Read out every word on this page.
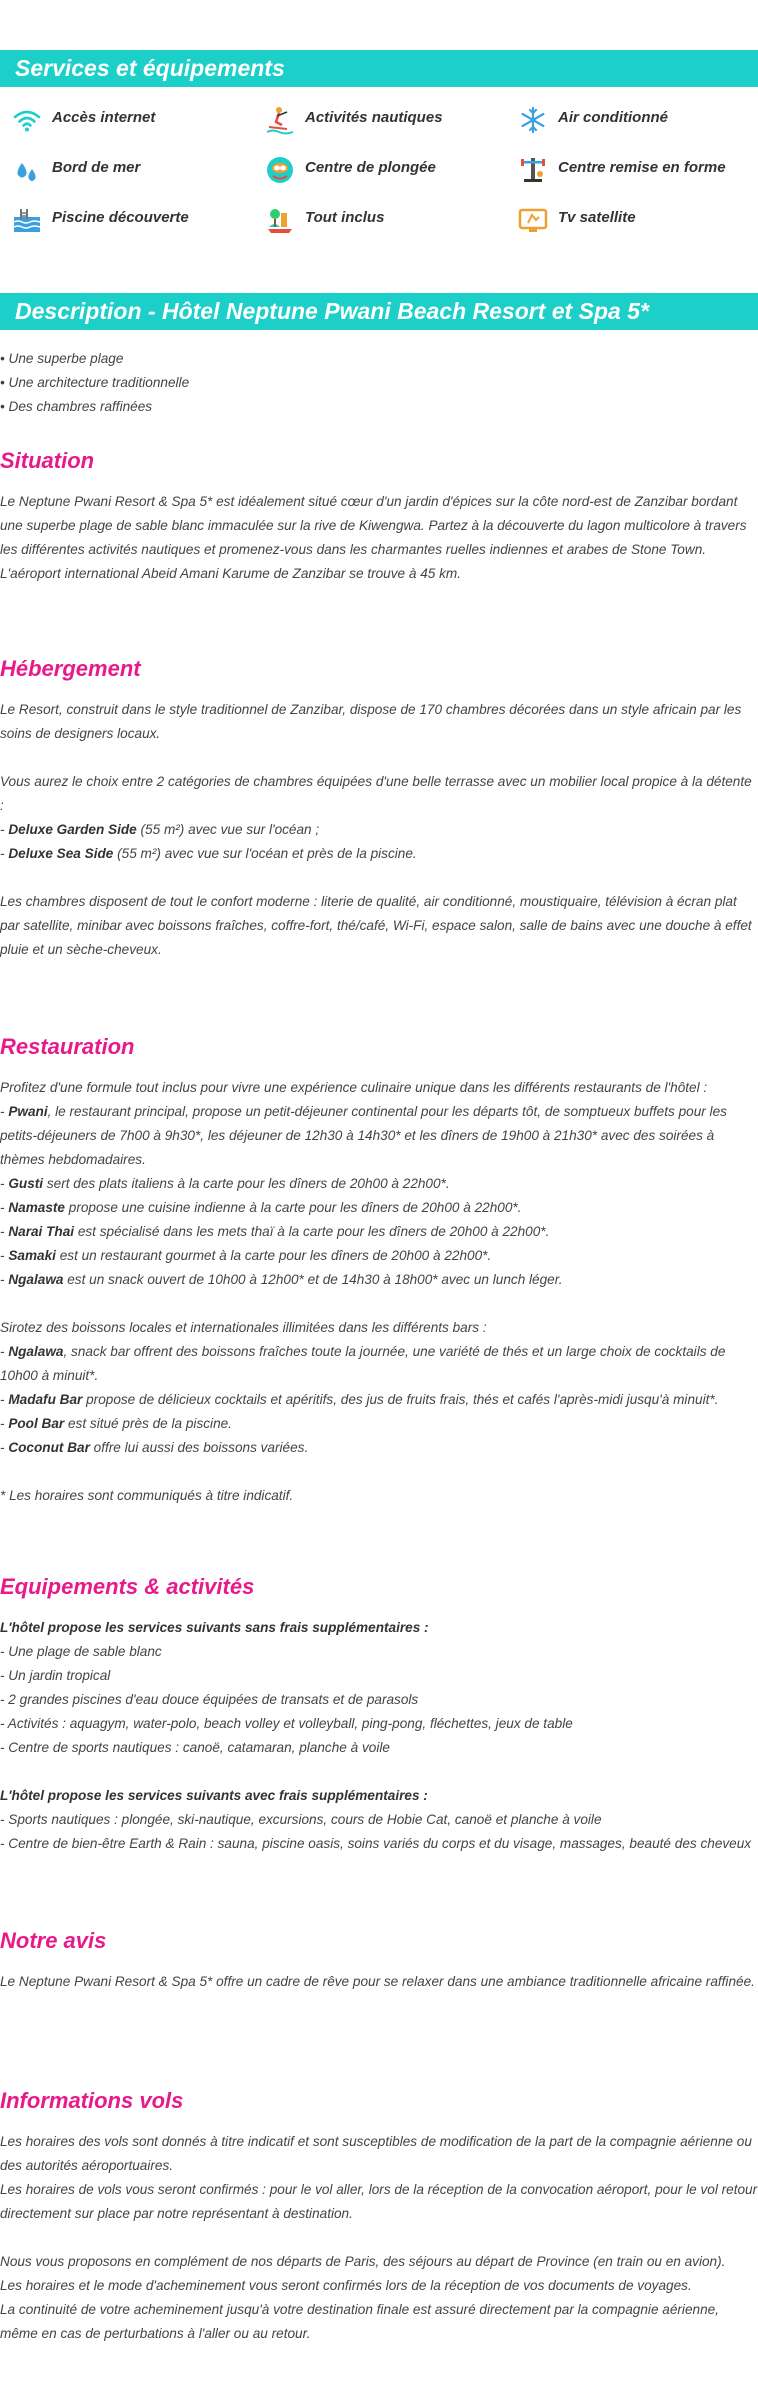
Services et équipements
Accès internet	Activités nautiques	Air conditionné
Bord de mer	Centre de plongée	Centre remise en forme
Piscine découverte	Tout inclus	Tv satellite
Description - Hôtel Neptune Pwani Beach Resort et Spa 5*

• Une superbe plage

• Une architecture traditionnelle

• Des chambres raffinées

Situation

Le Neptune Pwani Resort & Spa 5* est idéalement situé cœur d'un jardin d'épices sur la côte nord-est de Zanzibar bordant une superbe plage de sable blanc immaculée sur la rive de Kiwengwa. Partez à la découverte du lagon multicolore à travers les différentes activités nautiques et promenez-vous dans les charmantes ruelles indiennes et arabes de Stone Town. L'aéroport international Abeid Amani Karume de Zanzibar se trouve à 45 km.

Hébergement

Le Resort, construit dans le style traditionnel de Zanzibar, dispose de 170 chambres décorées dans un style africain par les soins de designers locaux.

Vous aurez le choix entre 2 catégories de chambres équipées d'une belle terrasse avec un mobilier local propice à la détente :

- Deluxe Garden Side (55 m²) avec vue sur l'océan ;

- Deluxe Sea Side (55 m²) avec vue sur l'océan et près de la piscine.

Les chambres disposent de tout le confort moderne : literie de qualité, air conditionné, moustiquaire, télévision à écran plat par satellite, minibar avec boissons fraîches, coffre-fort, thé/café, Wi-Fi, espace salon, salle de bains avec une douche à effet pluie et un sèche-cheveux.

Restauration

Profitez d'une formule tout inclus pour vivre une expérience culinaire unique dans les différents restaurants de l'hôtel :

- Pwani, le restaurant principal, propose un petit-déjeuner continental pour les départs tôt, de somptueux buffets pour les petits-déjeuners de 7h00 à 9h30*, les déjeuner de 12h30 à 14h30* et les dîners de 19h00 à 21h30* avec des soirées à thèmes hebdomadaires.

- Gusti sert des plats italiens à la carte pour les dîners de 20h00 à 22h00*.

- Namaste propose une cuisine indienne à la carte pour les dîners de 20h00 à 22h00*.

- Narai Thai est spécialisé dans les mets thaï à la carte pour les dîners de 20h00 à 22h00*.

- Samaki est un restaurant gourmet à la carte pour les dîners de 20h00 à 22h00*.

- Ngalawa est un snack ouvert de 10h00 à 12h00* et de 14h30 à 18h00* avec un lunch léger.

Sirotez des boissons locales et internationales illimitées dans les différents bars :

- Ngalawa, snack bar offrent des boissons fraîches toute la journée, une variété de thés et un large choix de cocktails de 10h00 à minuit*.

- Madafu Bar propose de délicieux cocktails et apéritifs, des jus de fruits frais, thés et cafés l'après-midi jusqu'à minuit*.

- Pool Bar est situé près de la piscine.

- Coconut Bar offre lui aussi des boissons variées.

* Les horaires sont communiqués à titre indicatif.

Equipements & activités

L'hôtel propose les services suivants sans frais supplémentaires :

- Une plage de sable blanc

- Un jardin tropical

- 2 grandes piscines d'eau douce équipées de transats et de parasols

- Activités : aquagym, water-polo, beach volley et volleyball, ping-pong, fléchettes, jeux de table

- Centre de sports nautiques : canoë, catamaran, planche à voile

L'hôtel propose les services suivants avec frais supplémentaires :

- Sports nautiques : plongée, ski-nautique, excursions, cours de Hobie Cat, canoë et planche à voile

- Centre de bien-être Earth & Rain : sauna, piscine oasis, soins variés du corps et du visage, massages, beauté des cheveux

Notre avis

Le Neptune Pwani Resort & Spa 5* offre un cadre de rêve pour se relaxer dans une ambiance traditionnelle africaine raffinée.

Informations vols

Les horaires des vols sont donnés à titre indicatif et sont susceptibles de modification de la part de la compagnie aérienne ou des autorités aéroportuaires.

Les horaires de vols vous seront confirmés : pour le vol aller, lors de la réception de la convocation aéroport, pour le vol retour directement sur place par notre représentant à destination.

Nous vous proposons en complément de nos départs de Paris, des séjours au départ de Province (en train ou en avion).

Les horaires et le mode d'acheminement vous seront confirmés lors de la réception de vos documents de voyages.

La continuité de votre acheminement jusqu'à votre destination finale est assuré directement par la compagnie aérienne, même en cas de perturbations à l'aller ou au retour.
